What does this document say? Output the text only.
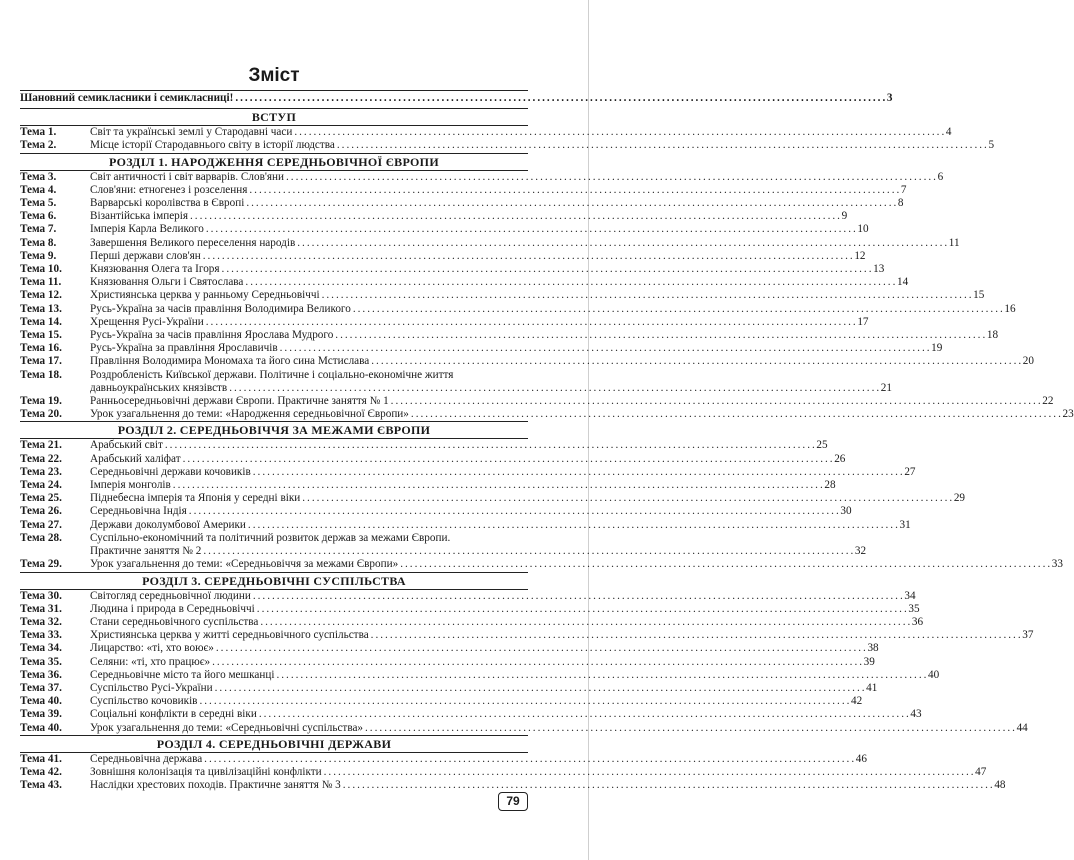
Зміст
Шановний семикласники і семикласниці! . . .	3
ВСТУП
Тема 1.	Світ та українські землі у Стародавні часи . . .	4
Тема 2.	Місце історії Стародавнього світу в історії людства . . .	5
РОЗДІЛ 1. НАРОДЖЕННЯ СЕРЕДНЬОВІЧНОЇ ЄВРОПИ
Тема 3.	Світ античності і світ варварів. Слов'яни . . .	6
Тема 4.	Слов'яни: етногенез і розселення . . .	7
Тема 5.	Варварські королівства в Європі . . .	8
Тема 6.	Візантійська імперія . . .	9
Тема 7.	Імперія Карла Великого . . .	10
Тема 8.	Завершення Великого переселення народів . . .	11
Тема 9.	Перші держави слов'ян . . .	12
Тема 10.	Князювання Олега та Ігоря . . .	13
Тема 11.	Князювання Ольги і Святослава . . .	14
Тема 12.	Християнська церква у ранньому Середньовіччі . . .	15
Тема 13.	Русь-Україна за часів правління Володимира Великого . . .	16
Тема 14.	Хрещення Русі-України . . .	17
Тема 15.	Русь-Україна за часів правління Ярослава Мудрого . . .	18
Тема 16.	Русь-Україна за правління Ярославичів . . .	19
Тема 17.	Правління Володимира Мономаха та його сина Мстислава . . .	20
Тема 18.	Роздробленість Київської держави. Політичне і соціально-економічне життя
давньоукраїнських князівств . . .	21
Тема 19.	Ранньосередньовічні держави Європи. Практичне заняття № 1 . . .	22
Тема 20.	Урок узагальнення до теми: «Народження середньовічної Європи» . . .	23
РОЗДІЛ 2. СЕРЕДНЬОВІЧЧЯ ЗА МЕЖАМИ ЄВРОПИ
Тема 21.	Арабський світ . . .	25
Тема 22.	Арабський халіфат . . .	26
Тема 23.	Середньовічні держави кочовиків . . .	27
Тема 24.	Імперія монголів . . .	28
Тема 25.	Піднебесна імперія та Японія у середні віки . . .	29
Тема 26.	Середньовічна Індія . . .	30
Тема 27.	Держави доколумбової Америки . . .	31
Тема 28.	Суспільно-економічний та політичний розвиток держав за межами Європи.
Практичне заняття № 2 . . .	32
Тема 29.	Урок узагальнення до теми: «Середньовіччя за межами Європи» . . .	33
РОЗДІЛ 3. СЕРЕДНЬОВІЧНІ СУСПІЛЬСТВА
Тема 30.	Світогляд середньовічної людини . . .	34
Тема 31.	Людина і природа в Середньовіччі . . .	35
Тема 32.	Стани середньовічного суспільства . . .	36
Тема 33.	Християнська церква у житті середньовічного суспільства . . .	37
Тема 34.	Лицарство: «ті, хто воює» . . .	38
Тема 35.	Селяни: «ті, хто працює» . . .	39
Тема 36.	Середньовічне місто та його мешканці . . .	40
Тема 37.	Суспільство Русі-України . . .	41
Тема 40.	Суспільство кочовиків . . .	42
Тема 39.	Соціальні конфлікти в середні віки . . .	43
Тема 40.	Урок узагальнення до теми: «Середньовічні суспільства» . . .	44
РОЗДІЛ 4. СЕРЕДНЬОВІЧНІ ДЕРЖАВИ
Тема 41.	Середньовічна держава . . .	46
Тема 42.	Зовнішня колонізація та цивілізаційні конфлікти . . .	47
Тема 43.	Наслідки хрестових походів. Практичне заняття № 3 . . .	48
79
